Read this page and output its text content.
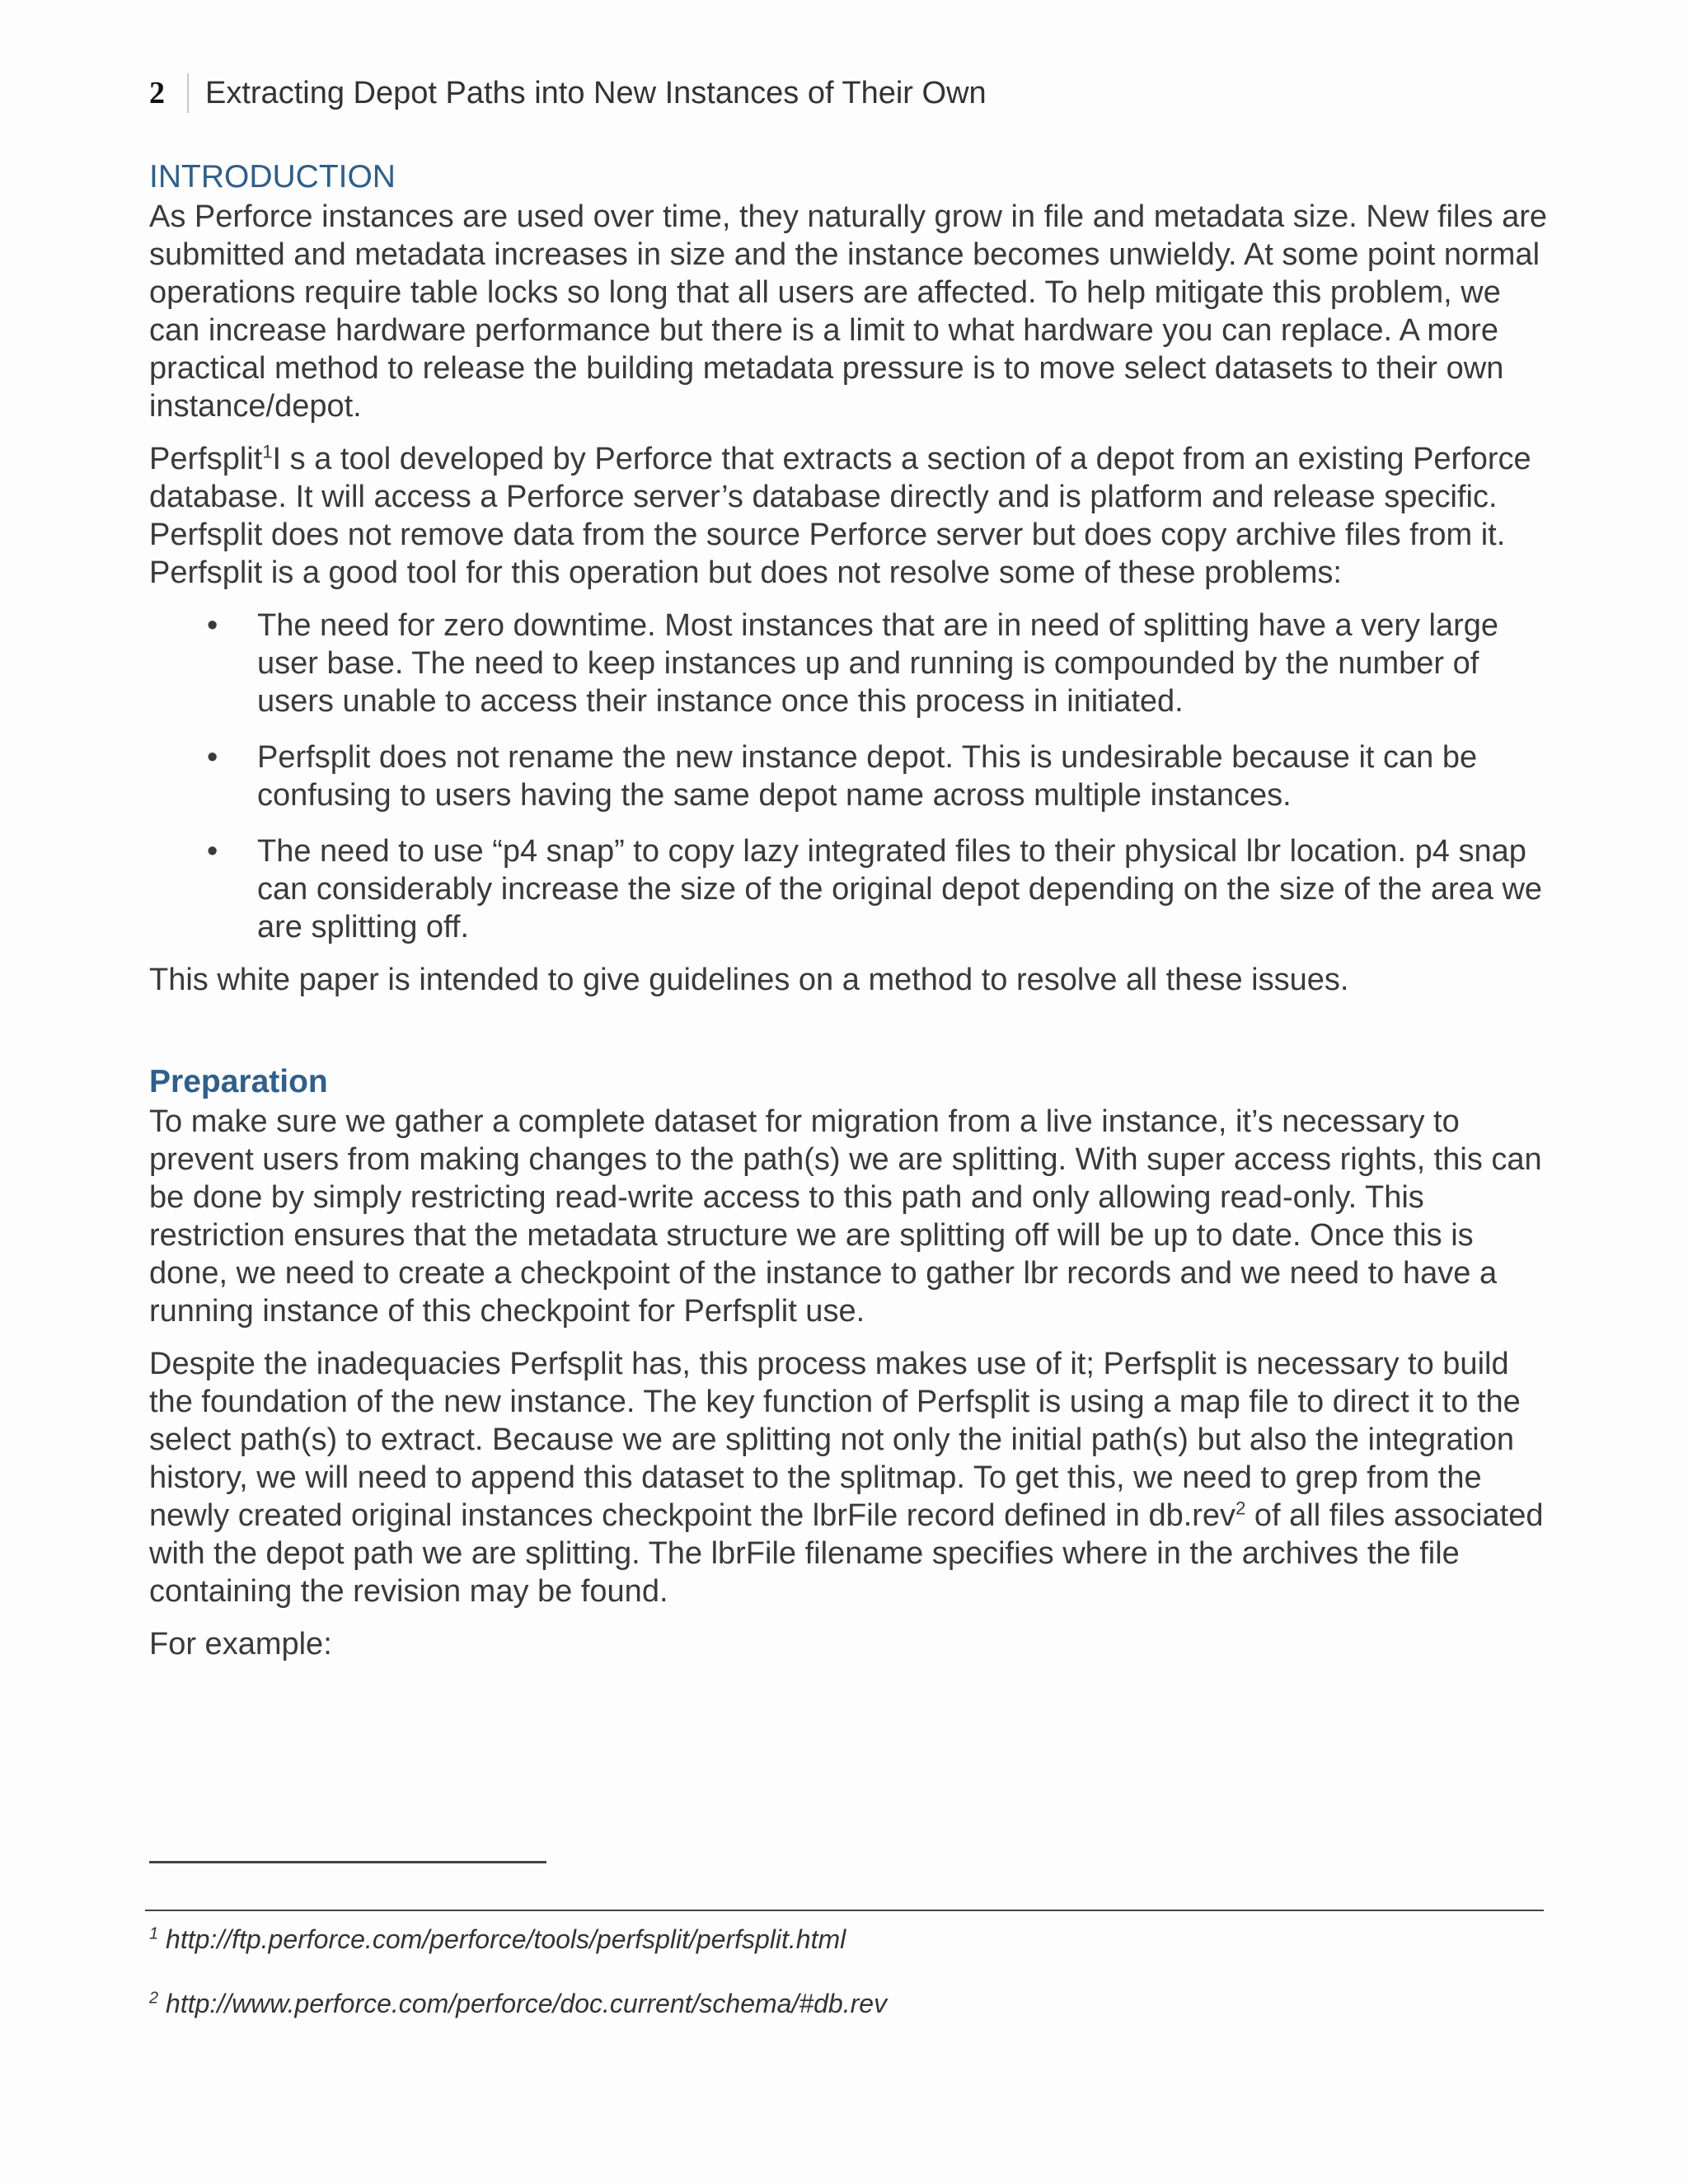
2	Extracting Depot Paths into New Instances of Their Own
INTRODUCTION

As Perforce instances are used over time, they naturally grow in file and metadata size. New files are submitted and metadata increases in size and the instance becomes unwieldy. At some point normal operations require table locks so long that all users are affected. To help mitigate this problem, we can increase hardware performance but there is a limit to what hardware you can replace. A more practical method to release the building metadata pressure is to move select datasets to their own instance/depot.

Perfsplit$^1$I s a tool developed by Perforce that extracts a section of a depot from an existing Perforce database. It will access a Perforce server’s database directly and is platform and release specific. Perfsplit does not remove data from the source Perforce server but does copy archive files from it. Perfsplit is a good tool for this operation but does not resolve some of these problems:

• The need for zero downtime. Most instances that are in need of splitting have a very large user base. The need to keep instances up and running is compounded by the number of users unable to access their instance once this process in initiated.
• Perfsplit does not rename the new instance depot. This is undesirable because it can be confusing to users having the same depot name across multiple instances.
• The need to use “p4 snap” to copy lazy integrated files to their physical lbr location. p4 snap can considerably increase the size of the original depot depending on the size of the area we are splitting off.

This white paper is intended to give guidelines on a method to resolve all these issues.

Preparation

To make sure we gather a complete dataset for migration from a live instance, it’s necessary to prevent users from making changes to the path(s) we are splitting. With super access rights, this can be done by simply restricting read-write access to this path and only allowing read-only. This restriction ensures that the metadata structure we are splitting off will be up to date. Once this is done, we need to create a checkpoint of the instance to gather lbr records and we need to have a running instance of this checkpoint for Perfsplit use.

Despite the inadequacies Perfsplit has, this process makes use of it; Perfsplit is necessary to build the foundation of the new instance. The key function of Perfsplit is using a map file to direct it to the select path(s) to extract. Because we are splitting not only the initial path(s) but also the integration history, we will need to append this dataset to the splitmap. To get this, we need to grep from the newly created original instances checkpoint the lbrFile record defined in db.rev$^2$ of all files associated with the depot path we are splitting. The lbrFile filename specifies where in the archives the file containing the revision may be found.

For example:

$^1$ http://ftp.perforce.com/perforce/tools/perfsplit/perfsplit.html
$^2$ http://www.perforce.com/perforce/doc.current/schema/#db.rev
